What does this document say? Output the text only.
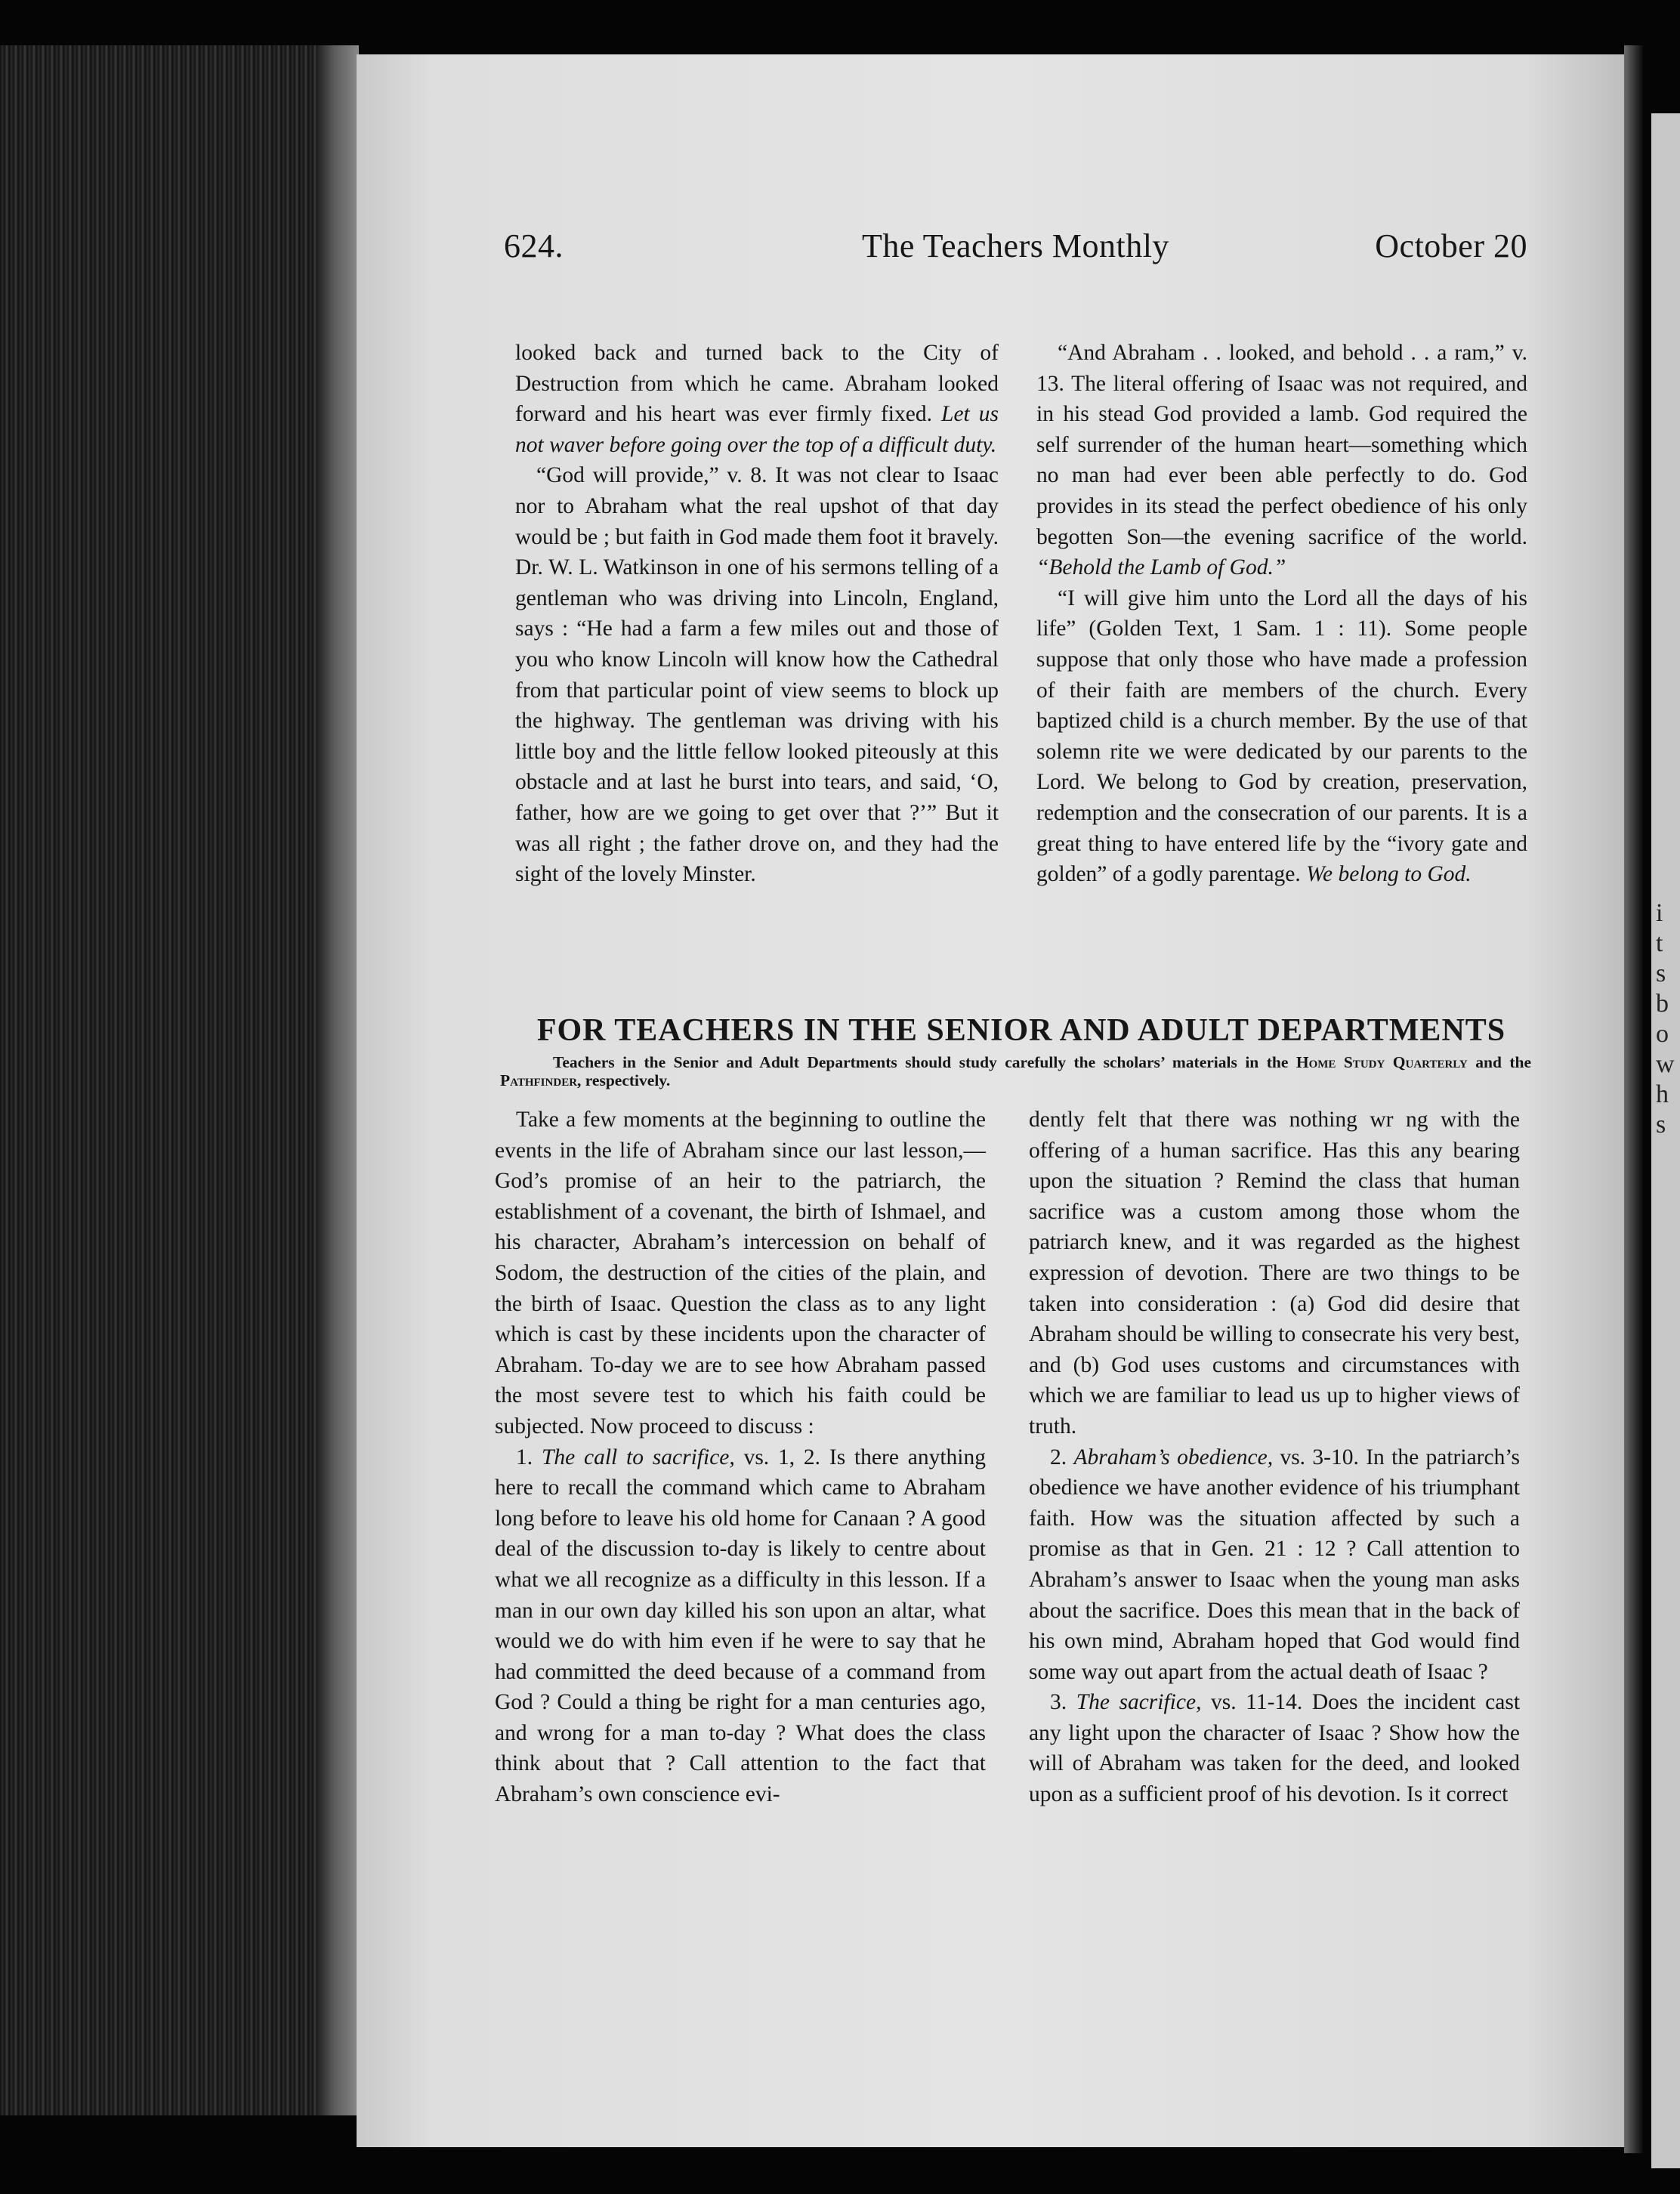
624.	The Teachers Monthly	October 20

looked back and turned back to the City of Destruction from which he came. Abraham looked forward and his heart was ever firmly fixed. Let us not waver before going over the top of a difficult duty.

“God will provide,” v. 8. It was not clear to Isaac nor to Abraham what the real upshot of that day would be ; but faith in God made them foot it bravely. Dr. W. L. Watkinson in one of his sermons telling of a gentleman who was driving into Lincoln, England, says : “He had a farm a few miles out and those of you who know Lincoln will know how the Cathedral from that particular point of view seems to block up the highway. The gentleman was driving with his little boy and the little fellow looked piteously at this obstacle and at last he burst into tears, and said, ‘O, father, how are we going to get over that ?’” But it was all right ; the father drove on, and they had the sight of the lovely Minster.

“And Abraham . . looked, and behold . . a ram,” v. 13. The literal offering of Isaac was not required, and in his stead God provided a lamb. God required the self surrender of the human heart—something which no man had ever been able perfectly to do. God provides in its stead the perfect obedience of his only begotten Son—the evening sacrifice of the world. “Behold the Lamb of God.”

“I will give him unto the Lord all the days of his life” (Golden Text, 1 Sam. 1 : 11). Some people suppose that only those who have made a profession of their faith are members of the church. Every baptized child is a church member. By the use of that solemn rite we were dedicated by our parents to the Lord. We belong to God by creation, preservation, redemption and the consecration of our parents. It is a great thing to have entered life by the “ivory gate and golden” of a godly parentage. We belong to God.

FOR TEACHERS IN THE SENIOR AND ADULT DEPARTMENTS
Teachers in the Senior and Adult Departments should study carefully the scholars’ materials in the Home Study Quarterly and the Pathfinder, respectively.

Take a few moments at the beginning to outline the events in the life of Abraham since our last lesson,—God’s promise of an heir to the patriarch, the establishment of a covenant, the birth of Ishmael, and his character, Abraham’s intercession on behalf of Sodom, the destruction of the cities of the plain, and the birth of Isaac. Question the class as to any light which is cast by these incidents upon the character of Abraham. To-day we are to see how Abraham passed the most severe test to which his faith could be subjected. Now proceed to discuss :

1. The call to sacrifice, vs. 1, 2. Is there anything here to recall the command which came to Abraham long before to leave his old home for Canaan ? A good deal of the discussion to-day is likely to centre about what we all recognize as a difficulty in this lesson. If a man in our own day killed his son upon an altar, what would we do with him even if he were to say that he had committed the deed because of a command from God ? Could a thing be right for a man centuries ago, and wrong for a man to-day ? What does the class think about that ? Call attention to the fact that Abraham’s own conscience evi-

dently felt that there was nothing wr ng with the offering of a human sacrifice. Has this any bearing upon the situation ? Remind the class that human sacrifice was a custom among those whom the patriarch knew, and it was regarded as the highest expression of devotion. There are two things to be taken into consideration : (a) God did desire that Abraham should be willing to consecrate his very best, and (b) God uses customs and circumstances with which we are familiar to lead us up to higher views of truth.

2. Abraham’s obedience, vs. 3-10. In the patriarch’s obedience we have another evidence of his triumphant faith. How was the situation affected by such a promise as that in Gen. 21 : 12 ? Call attention to Abraham’s answer to Isaac when the young man asks about the sacrifice. Does this mean that in the back of his own mind, Abraham hoped that God would find some way out apart from the actual death of Isaac ?

3. The sacrifice, vs. 11-14. Does the incident cast any light upon the character of Isaac ? Show how the will of Abraham was taken for the deed, and looked upon as a sufficient proof of his devotion. Is it correct

i
t
s
b
o
w
h
s
